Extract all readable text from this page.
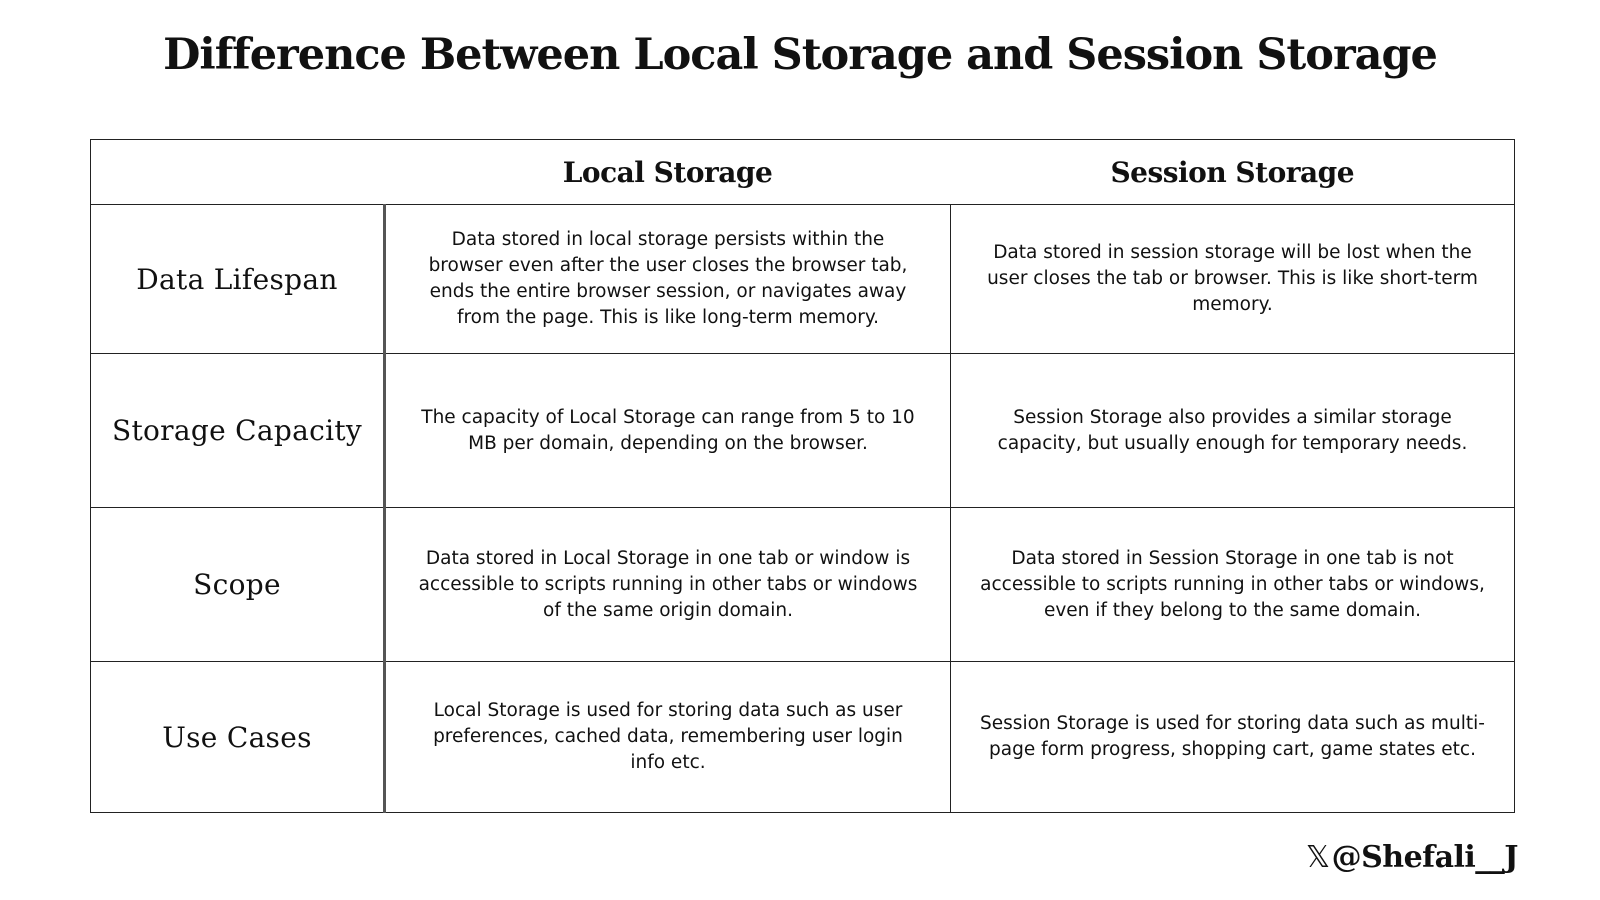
Difference Between Local Storage and Session Storage
	Local Storage	Session Storage
Data Lifespan	Data stored in local storage persists within the browser even after the user closes the browser tab, ends the entire browser session, or navigates away from the page. This is like long-term memory.	Data stored in session storage will be lost when the user closes the tab or browser. This is like short-term memory.
Storage Capacity	The capacity of Local Storage can range from 5 to 10 MB per domain, depending on the browser.	Session Storage also provides a similar storage capacity, but usually enough for temporary needs.
Scope	Data stored in Local Storage in one tab or window is accessible to scripts running in other tabs or windows of the same origin domain.	Data stored in Session Storage in one tab is not accessible to scripts running in other tabs or windows, even if they belong to the same domain.
Use Cases	Local Storage is used for storing data such as user preferences, cached data, remembering user login info etc.	Session Storage is used for storing data such as multi-page form progress, shopping cart, game states etc.
𝕏 @Shefali__J
